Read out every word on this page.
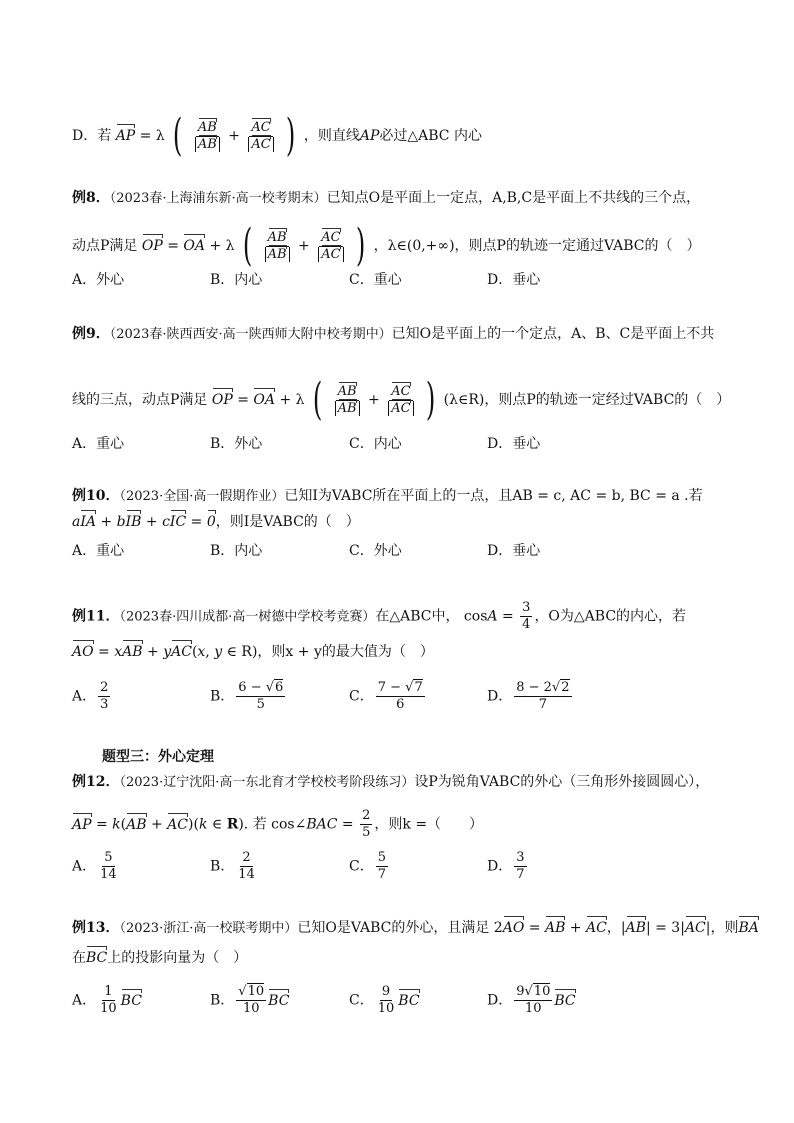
D．若 AP = λ ( $\frac{AB}{AB} + \frac{AC}{AC}$ ) ，则直线AP必过△ABC 内心
例8．（2023春·上海浦东新·高一校考期末）已知点O是平面上一定点，A,B,C是平面上不共线的三个点，
动点P满足 OP = OA + λ ( $\frac{AB}{AB} + \frac{AC}{AC}$ ) ，λ∈(0,+∞)，则点P的轨迹一定通过VABC的（　）
A．外心	B．内心	C．重心	D．垂心
例9．（2023春·陕西西安·高一陕西师大附中校考期中）已知O是平面上的一个定点，A、B、C是平面上不共
线的三点，动点P满足 OP = OA + λ ( $\frac{AB}{AB} + \frac{AC}{AC}$ ) (λ∈R)，则点P的轨迹一定经过VABC的（　）
A．重心	B．外心	C．内心	D．垂心
例10．（2023·全国·高一假期作业）已知I为VABC所在平面上的一点，且AB = c, AC = b, BC = a .若
aIA + bIB + cIC = 0，则I是VABC的（　）
A．重心	B．内心	C．外心	D．垂心
例11．（2023春·四川成都·高一树德中学校考竞赛）在△ABC中， $\cos A = \frac{3}{4}$ ，O为△ABC的内心，若
AO = xAB + yAC(x, y ∈ R)，则x + y的最大值为（　）
A． $\frac{2}{3}$	B． $\frac{6 - √6}{5}$	C． $\frac{7 - √7}{6}$	D． $\frac{8 - 2√2}{7}$
题型三：外心定理
例12．（2023·辽宁沈阳·高一东北育才学校校考阶段练习）设P为锐角VABC的外心（三角形外接圆圆心），
AP = k(AB + AC)(k ∈ R). 若 cos∠BAC = $\frac{2}{5}$ ，则k =（　　）
A． $\frac{5}{14}$	B． $\frac{2}{14}$	C． $\frac{5}{7}$	D． $\frac{3}{7}$
例13．（2023·浙江·高一校联考期中）已知O是VABC的外心，且满足 2AO = AB + AC，|AB| = 3|AC|，则BA
在BC上的投影向量为（　）
A． $\frac{1}{10}$ BC	B． $\frac{√10}{10}$ BC	C． $\frac{9}{10}$ BC	D． $\frac{9√10}{10}$ BC
